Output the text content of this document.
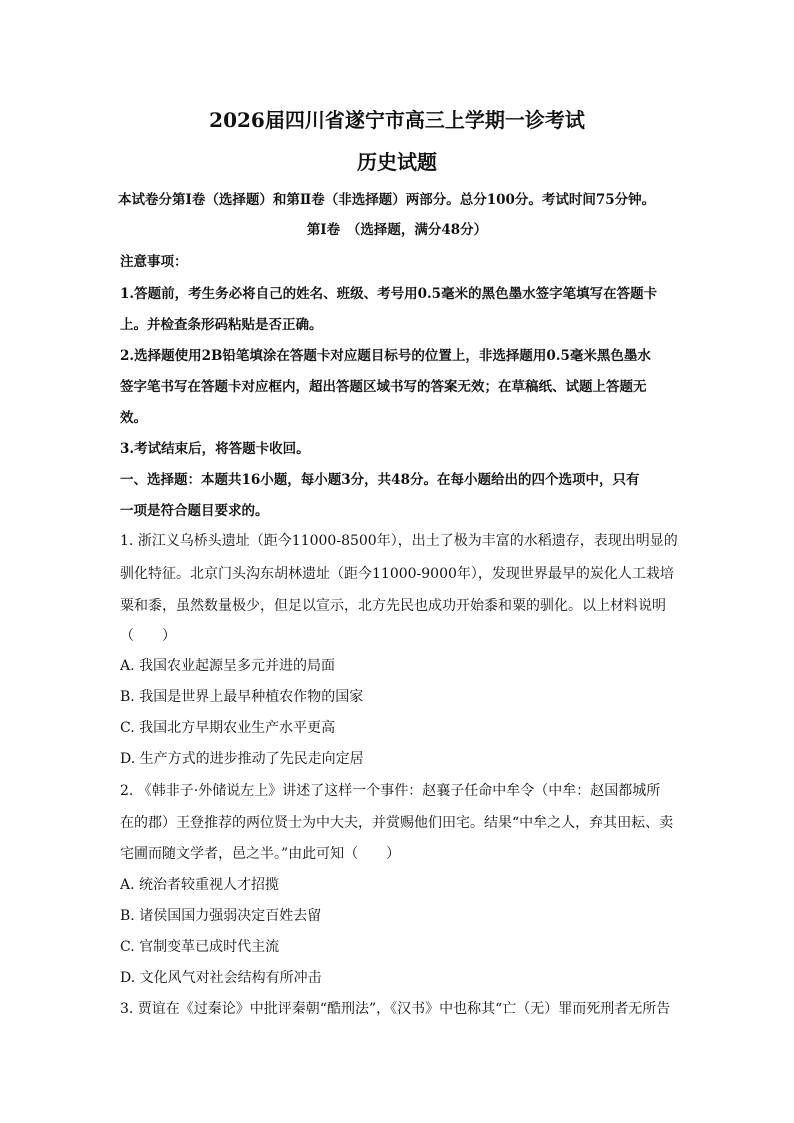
2026届四川省遂宁市高三上学期一诊考试
历史试题
本试卷分第Ⅰ卷（选择题）和第Ⅱ卷（非选择题）两部分。总分100分。考试时间75分钟。
第Ⅰ卷　（选择题，满分48分）
注意事项：
1.答题前，考生务必将自己的姓名、班级、考号用0.5毫米的黑色墨水签字笔填写在答题卡
上。并检查条形码粘贴是否正确。
2.选择题使用2B铅笔填涂在答题卡对应题目标号的位置上，非选择题用0.5毫米黑色墨水
签字笔书写在答题卡对应框内，超出答题区域书写的答案无效；在草稿纸、试题上答题无
效。
3.考试结束后，将答题卡收回。
一、选择题：本题共16小题，每小题3分，共48分。在每小题给出的四个选项中，只有
一项是符合题目要求的。
1. 浙江义乌桥头遗址（距今11000-8500年），出土了极为丰富的水稻遗存，表现出明显的
驯化特征。北京门头沟东胡林遗址（距今11000-9000年），发现世界最早的炭化人工栽培
粟和黍，虽然数量极少，但足以宣示，北方先民也成功开始黍和粟的驯化。以上材料说明
（　　）
A. 我国农业起源呈多元并进的局面
B. 我国是世界上最早种植农作物的国家
C. 我国北方早期农业生产水平更高
D. 生产方式的进步推动了先民走向定居
2. 《韩非子·外储说左上》讲述了这样一个事件：赵襄子任命中牟令（中牟：赵国都城所
在的郡）王登推荐的两位贤士为中大夫，并赏赐他们田宅。结果“中牟之人，弃其田耘、卖
宅圃而随文学者，邑之半。”由此可知（　　）
A. 统治者较重视人才招揽
B. 诸侯国国力强弱决定百姓去留
C. 官制变革已成时代主流
D. 文化风气对社会结构有所冲击
3. 贾谊在《过秦论》中批评秦朝“酷刑法”，《汉书》中也称其“亡（无）罪而死刑者无所告
